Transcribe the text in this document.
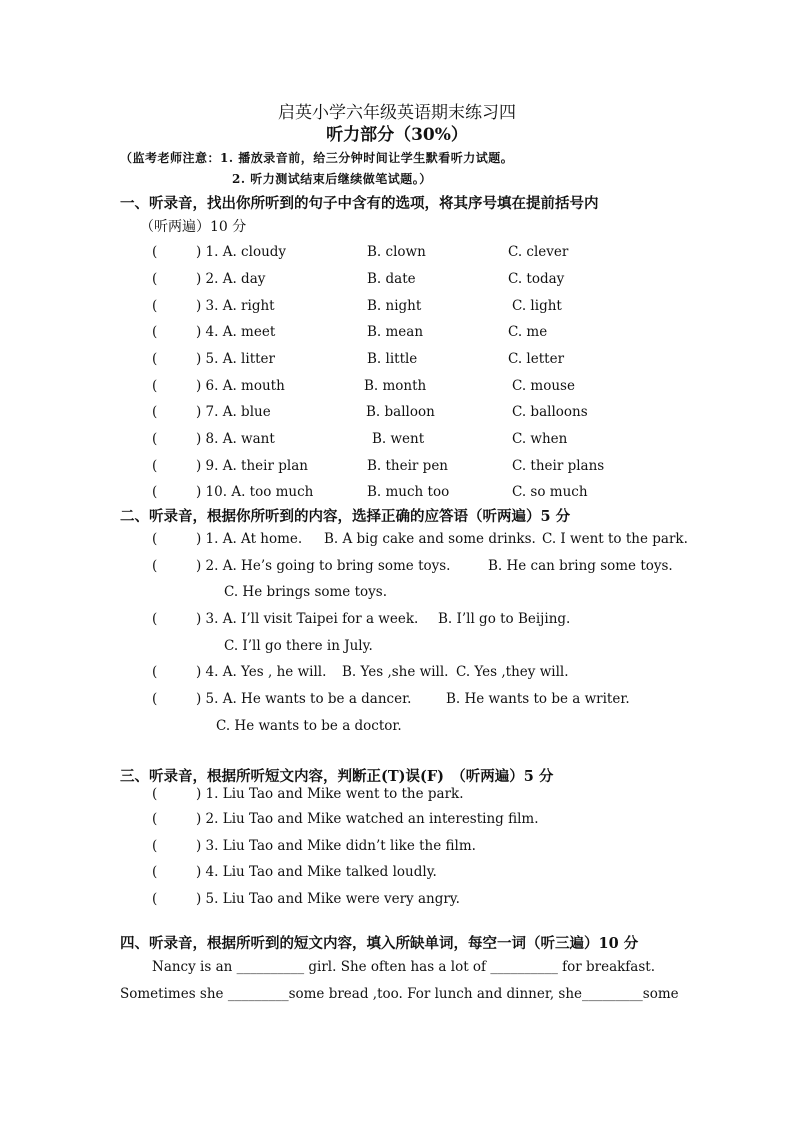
启英小学六年级英语期末练习四
听力部分（30%）
（监考老师注意：1. 播放录音前，给三分钟时间让学生默看听力试题。
2. 听力测试结束后继续做笔试题。）
一、听录音，找出你所听到的句子中含有的选项，将其序号填在提前括号内
（听两遍）10 分
(	) 1. A. cloudy	B. clown	C. clever
(	) 2. A. day	B. date	C. today
(	) 3. A. right	B. night	C. light
(	) 4. A. meet	B. mean	C. me
(	) 5. A. litter	B. little	C. letter
(	) 6. A. mouth	B. month	C. mouse
(	) 7. A. blue	B. balloon	C. balloons
(	) 8. A. want	B. went	C. when
(	) 9. A. their plan	B. their pen	C. their plans
(	) 10. A. too much	B. much too	C. so much
二、听录音，根据你所听到的内容，选择正确的应答语（听两遍）5 分
(	) 1. A. At home. B. A big cake and some drinks. C. I went to the park.
(	) 2. A. He’s going to bring some toys.	B. He can bring some toys.
C. He brings some toys.
(	) 3. A. I’ll visit Taipei for a week. B. I’ll go to Beijing.
C. I’ll go there in July.
(	) 4. A. Yes , he will. B. Yes ,she will. C. Yes ,they will.
(	) 5. A. He wants to be a dancer.	B. He wants to be a writer.
C. He wants to be a doctor.
三、听录音，根据所听短文内容，判断正(T)误(F)　（听两遍）5 分
(	) 1. Liu Tao and Mike went to the park.
(	) 2. Liu Tao and Mike watched an interesting film.
(	) 3. Liu Tao and Mike didn’t like the film.
(	) 4. Liu Tao and Mike talked loudly.
(	) 5. Liu Tao and Mike were very angry.
四、听录音，根据所听到的短文内容，填入所缺单词，每空一词（听三遍）10 分
Nancy is an __________ girl. She often has a lot of __________ for breakfast.
Sometimes she _________some bread ,too. For lunch and dinner, she_________some
